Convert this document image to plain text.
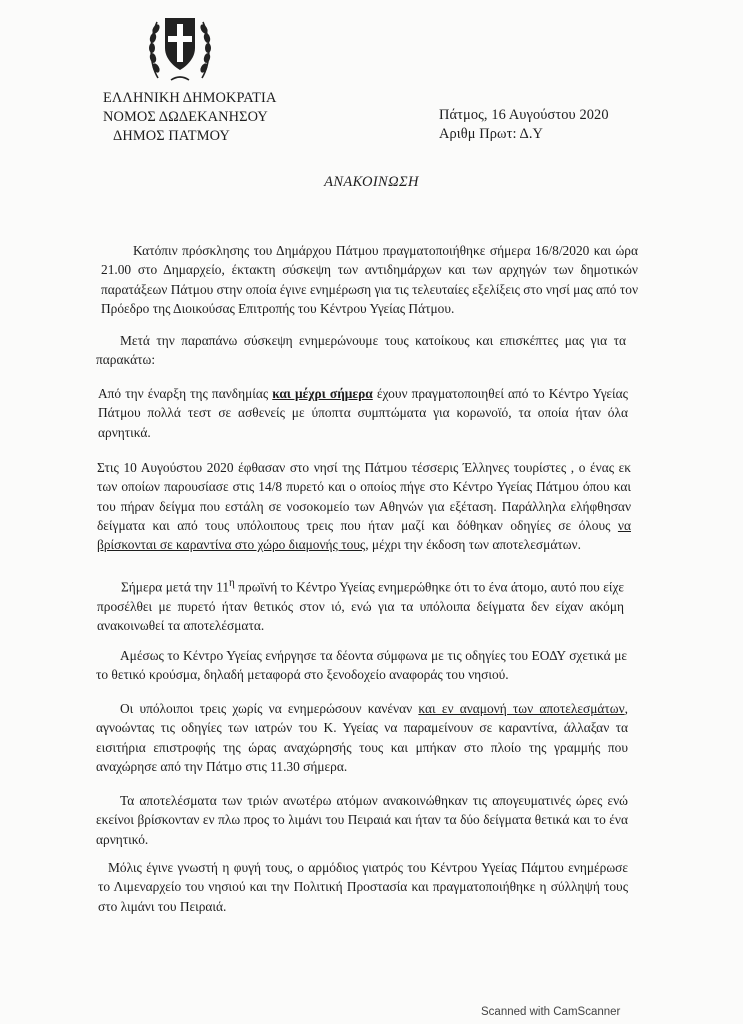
ΕΛΛΗΝΙΚΗ ΔΗΜΟΚΡΑΤΙΑ
ΝΟΜΟΣ ΔΩΔΕΚΑΝΗΣΟΥ
ΔΗΜΟΣ ΠΑΤΜΟΥ
Πάτμος, 16 Αυγούστου 2020
Αριθμ Πρωτ: Δ.Υ
ΑΝΑΚΟΙΝΩΣΗ

Κατόπιν πρόσκλησης του Δημάρχου Πάτμου πραγματοποιήθηκε σήμερα 16/8/2020 και ώρα 21.00 στο Δημαρχείο, έκτακτη σύσκεψη των αντιδημάρχων και των αρχηγών των δημοτικών παρατάξεων Πάτμου στην οποία έγινε ενημέρωση για τις τελευταίες εξελίξεις στο νησί μας από τον Πρόεδρο της Διοικούσας Επιτροπής του Κέντρου Υγείας Πάτμου.

Μετά την παραπάνω σύσκεψη ενημερώνουμε τους κατοίκους και επισκέπτες μας για τα παρακάτω:

Από την έναρξη της πανδημίας και μέχρι σήμερα έχουν πραγματοποιηθεί από το Κέντρο Υγείας Πάτμου πολλά τεστ σε ασθενείς με ύποπτα συμπτώματα για κορωνοϊό, τα οποία ήταν όλα αρνητικά.

Στις 10 Αυγούστου 2020 έφθασαν στο νησί της Πάτμου τέσσερις Έλληνες τουρίστες , ο ένας εκ των οποίων παρουσίασε στις 14/8 πυρετό και ο οποίος πήγε στο Κέντρο Υγείας Πάτμου όπου και του πήραν δείγμα που εστάλη σε νοσοκομείο των Αθηνών για εξέταση. Παράλληλα ελήφθησαν δείγματα και από τους υπόλοιπους τρεις που ήταν μαζί και δόθηκαν οδηγίες σε όλους να βρίσκονται σε καραντίνα στο χώρο διαμονής τους, μέχρι την έκδοση των αποτελεσμάτων.

Σήμερα μετά την $11^\eta$ πρωϊνή το Κέντρο Υγείας ενημερώθηκε ότι το ένα άτομο, αυτό που είχε προσέλθει με πυρετό ήταν θετικός στον ιό, ενώ για τα υπόλοιπα δείγματα δεν είχαν ακόμη ανακοινωθεί τα αποτελέσματα.

Αμέσως το Κέντρο Υγείας ενήργησε τα δέοντα σύμφωνα με τις οδηγίες του ΕΟΔΥ σχετικά με το θετικό κρούσμα, δηλαδή μεταφορά στο ξενοδοχείο αναφοράς του νησιού.

Οι υπόλοιποι τρεις χωρίς να ενημερώσουν κανέναν και εν αναμονή των αποτελεσμάτων, αγνοώντας τις οδηγίες των ιατρών του Κ. Υγείας να παραμείνουν σε καραντίνα, άλλαξαν τα εισιτήρια επιστροφής της ώρας αναχώρησής τους και μπήκαν στο πλοίο της γραμμής που αναχώρησε από την Πάτμο στις 11.30 σήμερα.

Τα αποτελέσματα των τριών ανωτέρω ατόμων ανακοινώθηκαν τις απογευματινές ώρες ενώ εκείνοι βρίσκονταν εν πλω προς το λιμάνι του Πειραιά και ήταν τα δύο δείγματα θετικά και το ένα αρνητικό.

Μόλις έγινε γνωστή η φυγή τους, ο αρμόδιος γιατρός του Κέντρου Υγείας Πάμτου ενημέρωσε το Λιμεναρχείο του νησιού και την Πολιτική Προστασία και πραγματοποιήθηκε η σύλληψή τους στο λιμάνι του Πειραιά.

Scanned with CamScanner
